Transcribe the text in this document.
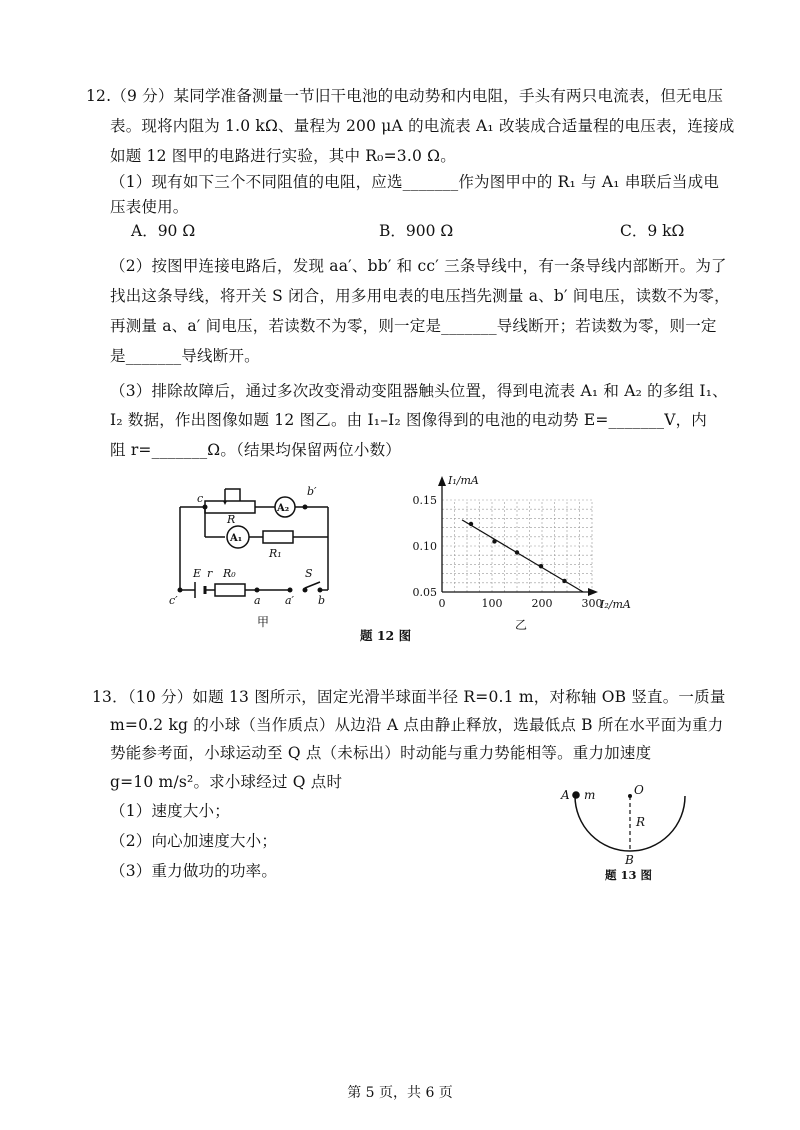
12.（9 分）某同学准备测量一节旧干电池的电动势和内电阻，手头有两只电流表，但无电压
表。现将内阻为 1.0 kΩ、量程为 200 μA 的电流表 A₁ 改装成合适量程的电压表，连接成
如题 12 图甲的电路进行实验，其中 R₀=3.0 Ω。
（1）现有如下三个不同阻值的电阻，应选_______作为图甲中的 R₁ 与 A₁ 串联后当成电
压表使用。
A．90 Ω	B．900 Ω	C．9 kΩ
（2）按图甲连接电路后，发现 aa′、bb′ 和 cc′ 三条导线中，有一条导线内部断开。为了
找出这条导线，将开关 S 闭合，用多用电表的电压挡先测量 a、b′ 间电压，读数不为零，
再测量 a、a′ 间电压，若读数不为零，则一定是_______导线断开；若读数为零，则一定
是_______导线断开。
（3）排除故障后，通过多次改变滑动变阻器触头位置，得到电流表 A₁ 和 A₂ 的多组 I₁、
I₂ 数据，作出图像如题 12 图乙。由 I₁–I₂ 图像得到的电池的电动势 E=_______V，内
阻 r=_______Ω。（结果均保留两位小数）
c
b′
R
A₂
A₁
R₁
E r R₀	S
c′	a a′ b
甲
0.05
0.10
0.15
0	100	200	300
I₁/mA
I₂/mA
乙
题 12 图
13．（10 分）如题 13 图所示，固定光滑半球面半径 R=0.1 m，对称轴 OB 竖直。一质量
m=0.2 kg 的小球（当作质点）从边沿 A 点由静止释放，选最低点 B 所在水平面为重力
势能参考面，小球运动至 Q 点（未标出）时动能与重力势能相等。重力加速度
g=10 m/s²。求小球经过 Q 点时
（1）速度大小；
（2）向心加速度大小；
（3）重力做功的功率。
A m	O
R
B
题 13 图
第 5 页，共 6 页
